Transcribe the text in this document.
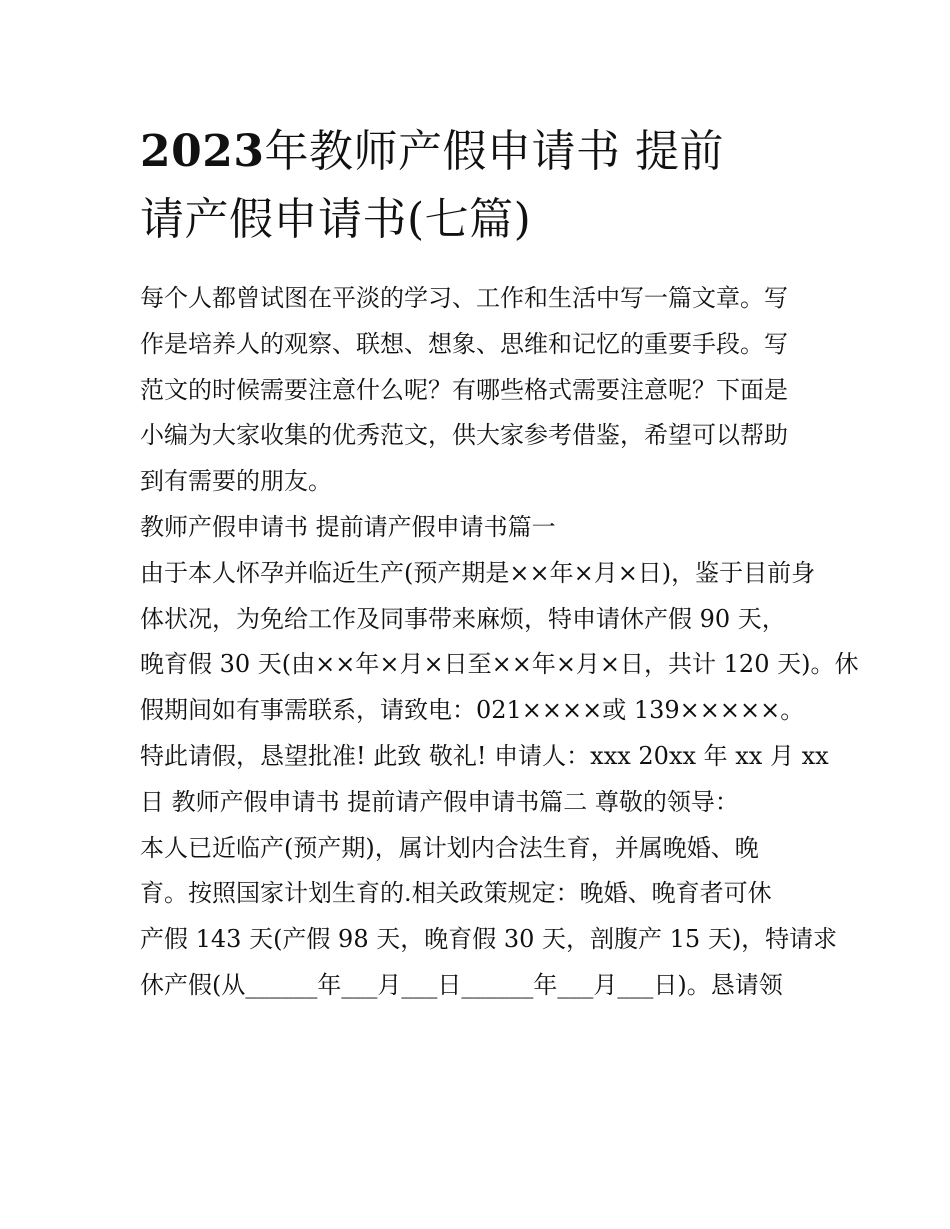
2023年教师产假申请书 提前
请产假申请书(七篇)
每个人都曾试图在平淡的学习、工作和生活中写一篇文章。写
作是培养人的观察、联想、想象、思维和记忆的重要手段。写
范文的时候需要注意什么呢？有哪些格式需要注意呢？下面是
小编为大家收集的优秀范文，供大家参考借鉴，希望可以帮助
到有需要的朋友。
教师产假申请书 提前请产假申请书篇一
由于本人怀孕并临近生产(预产期是××年×月×日)，鉴于目前身
体状况，为免给工作及同事带来麻烦，特申请休产假 90 天，
晚育假 30 天(由××年×月×日至××年×月×日，共计 120 天)。休
假期间如有事需联系，请致电：021××××或 139×××××。
特此请假，恳望批准! 此致 敬礼! 申请人：xxx 20xx 年 xx 月 xx
日 教师产假申请书 提前请产假申请书篇二 尊敬的领导：
本人已近临产(预产期)，属计划内合法生育，并属晚婚、晚
育。按照国家计划生育的.相关政策规定：晚婚、晚育者可休
产假 143 天(产假 98 天，晚育假 30 天，剖腹产 15 天)，特请求
休产假(从______年___月___日______年___月___日)。恳请领
